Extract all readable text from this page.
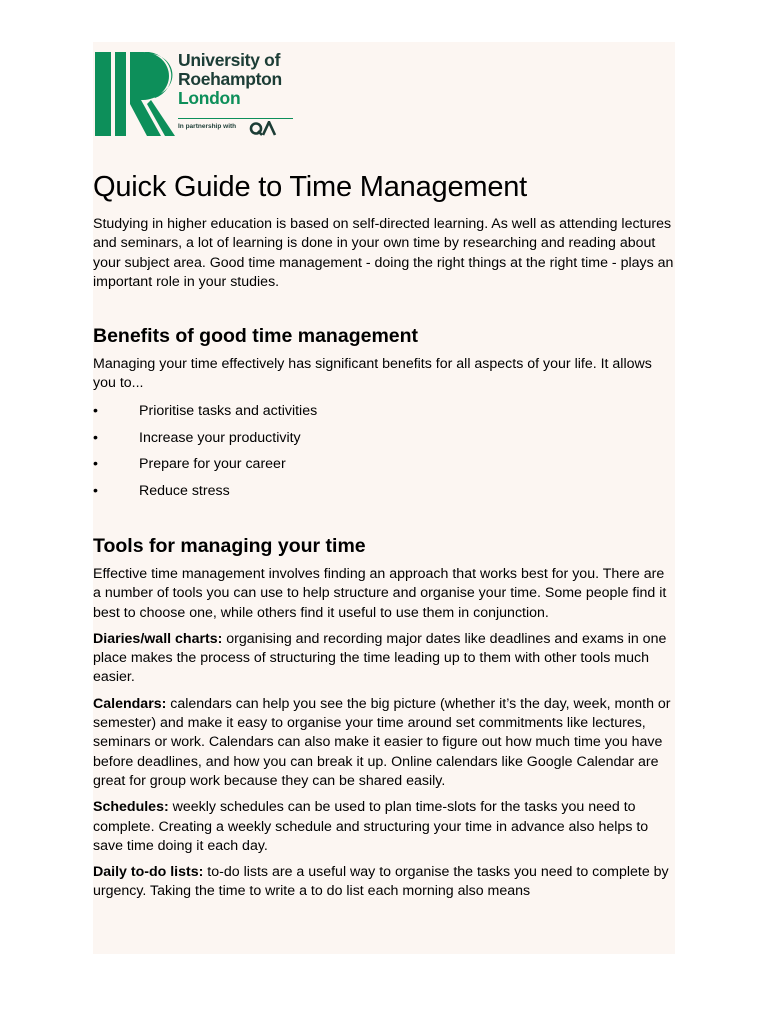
University of
Roehampton
London
In partnership with
Quick Guide to Time Management

Studying in higher education is based on self-directed learning. As well as attending lectures and seminars, a lot of learning is done in your own time by researching and reading about your subject area. Good time management - doing the right things at the right time - plays an important role in your studies.

Benefits of good time management

Managing your time effectively has significant benefits for all aspects of your life. It allows you to...

•	Prioritise tasks and activities
•	Increase your productivity
•	Prepare for your career
•	Reduce stress
Tools for managing your time

Effective time management involves finding an approach that works best for you. There are a number of tools you can use to help structure and organise your time. Some people find it best to choose one, while others find it useful to use them in conjunction.

Diaries/wall charts: organising and recording major dates like deadlines and exams in one place makes the process of structuring the time leading up to them with other tools much easier.

Calendars: calendars can help you see the big picture (whether it’s the day, week, month or semester) and make it easy to organise your time around set commitments like lectures, seminars or work. Calendars can also make it easier to figure out how much time you have before deadlines, and how you can break it up. Online calendars like Google Calendar are great for group work because they can be shared easily.

Schedules: weekly schedules can be used to plan time-slots for the tasks you need to complete. Creating a weekly schedule and structuring your time in advance also helps to save time doing it each day.

Daily to-do lists: to-do lists are a useful way to organise the tasks you need to complete by urgency. Taking the time to write a to do list each morning also means
